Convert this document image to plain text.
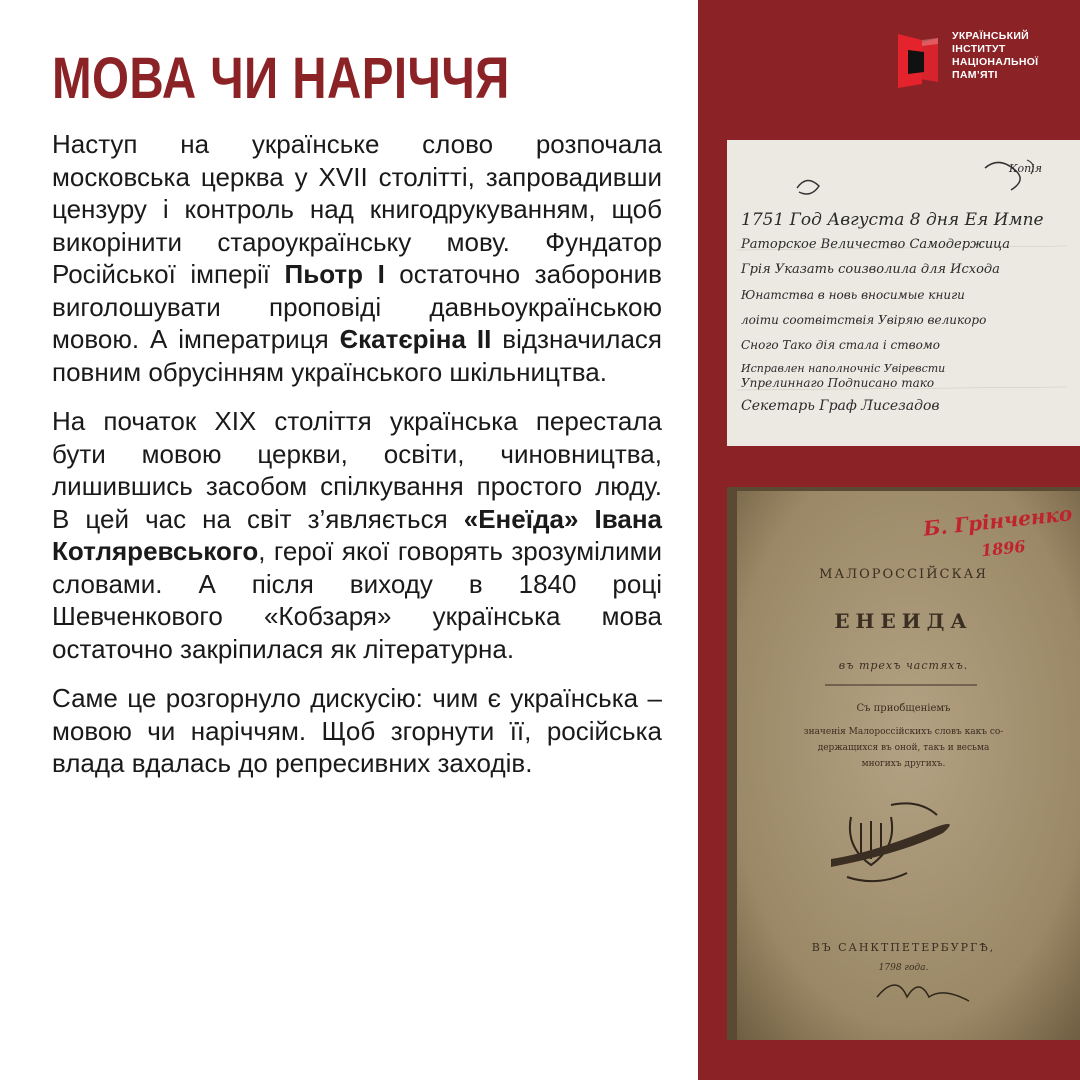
МОВА ЧИ НАРІЧЧЯ

Наступ на українське слово розпочала московська церква у XVII столітті, запровадивши цензуру і контроль над книгодрукуванням, щоб викорінити староукраїнську мову. Фундатор Російської імперії Пьотр I остаточно заборонив виголошувати проповіді давньоукраїнською мовою. А імператриця Єкатєріна II відзначилася повним обрусінням українського шкільництва.

На початок XIX століття українська перестала бути мовою церкви, освіти, чиновництва, лишившись засобом спілкування простого люду. В цей час на світ з’являється «Енеїда» Івана Котляревського, герої якої говорять зрозумілими словами. А після виходу в 1840 році Шевченкового «Кобзаря» українська мова остаточно закріпилася як літературна.

Саме це розгорнуло дискусію: чим є українська – мовою чи наріччям. Щоб згорнути її, російська влада вдалась до репресивних заходів.

УКРАЇНСЬКИЙ
ІНСТИТУТ
НАЦІОНАЛЬНОЇ
ПАМ’ЯТІ
Копія
1751 Год Августа 8 дня Ея Импе
Раторское Величество Самодержица
Грія Указать соизволила для Исхода
Юнатства в новь вносимые книги
лоіти соотвітствія Увіряю великоро
Сного Тако дія стала і ствомо
Исправлен наполночніс Увіревсти
Упрелиннаго Подписано тако
Секетарь Граф Лисезадов
Б. Грінченко
1896
МАЛОРОССІЙСКАЯ
ЕНЕИДА
въ трехъ частяхъ.
Съ приобщеніемъ
значенія Малороссійскихъ словъ какъ со-
держащихся въ оной, такъ и весьма
многихъ другихъ.
ВЪ САНКТПЕТЕРБУРГѢ,
1798 года.
